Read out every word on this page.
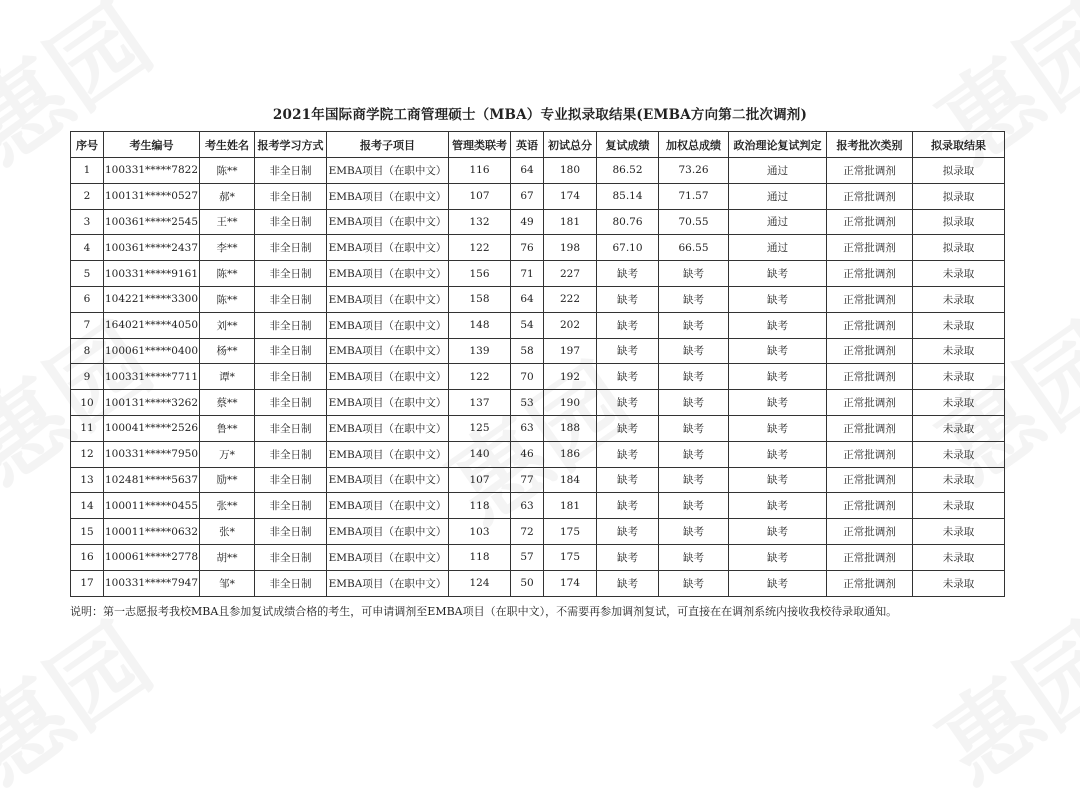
2021年国际商学院工商管理硕士（MBA）专业拟录取结果(EMBA方向第二批次调剂)
序号	考生编号	考生姓名	报考学习方式	报考子项目	管理类联考	英语	初试总分	复试成绩	加权总成绩	政治理论复试判定	报考批次类别	拟录取结果
1	100331*****7822	陈**	非全日制	EMBA项目（在职中文）	116	64	180	86.52	73.26	通过	正常批调剂	拟录取
2	100131*****0527	郝*	非全日制	EMBA项目（在职中文）	107	67	174	85.14	71.57	通过	正常批调剂	拟录取
3	100361*****2545	王**	非全日制	EMBA项目（在职中文）	132	49	181	80.76	70.55	通过	正常批调剂	拟录取
4	100361*****2437	李**	非全日制	EMBA项目（在职中文）	122	76	198	67.10	66.55	通过	正常批调剂	拟录取
5	100331*****9161	陈**	非全日制	EMBA项目（在职中文）	156	71	227	缺考	缺考	缺考	正常批调剂	未录取
6	104221*****3300	陈**	非全日制	EMBA项目（在职中文）	158	64	222	缺考	缺考	缺考	正常批调剂	未录取
7	164021*****4050	刘**	非全日制	EMBA项目（在职中文）	148	54	202	缺考	缺考	缺考	正常批调剂	未录取
8	100061*****0400	杨**	非全日制	EMBA项目（在职中文）	139	58	197	缺考	缺考	缺考	正常批调剂	未录取
9	100331*****7711	谭*	非全日制	EMBA项目（在职中文）	122	70	192	缺考	缺考	缺考	正常批调剂	未录取
10	100131*****3262	蔡**	非全日制	EMBA项目（在职中文）	137	53	190	缺考	缺考	缺考	正常批调剂	未录取
11	100041*****2526	鲁**	非全日制	EMBA项目（在职中文）	125	63	188	缺考	缺考	缺考	正常批调剂	未录取
12	100331*****7950	万*	非全日制	EMBA项目（在职中文）	140	46	186	缺考	缺考	缺考	正常批调剂	未录取
13	102481*****5637	励**	非全日制	EMBA项目（在职中文）	107	77	184	缺考	缺考	缺考	正常批调剂	未录取
14	100011*****0455	张**	非全日制	EMBA项目（在职中文）	118	63	181	缺考	缺考	缺考	正常批调剂	未录取
15	100011*****0632	张*	非全日制	EMBA项目（在职中文）	103	72	175	缺考	缺考	缺考	正常批调剂	未录取
16	100061*****2778	胡**	非全日制	EMBA项目（在职中文）	118	57	175	缺考	缺考	缺考	正常批调剂	未录取
17	100331*****7947	邹*	非全日制	EMBA项目（在职中文）	124	50	174	缺考	缺考	缺考	正常批调剂	未录取
说明：第一志愿报考我校MBA且参加复试成绩合格的考生，可申请调剂至EMBA项目（在职中文），不需要再参加调剂复试，可直接在在调剂系统内接收我校待录取通知。
